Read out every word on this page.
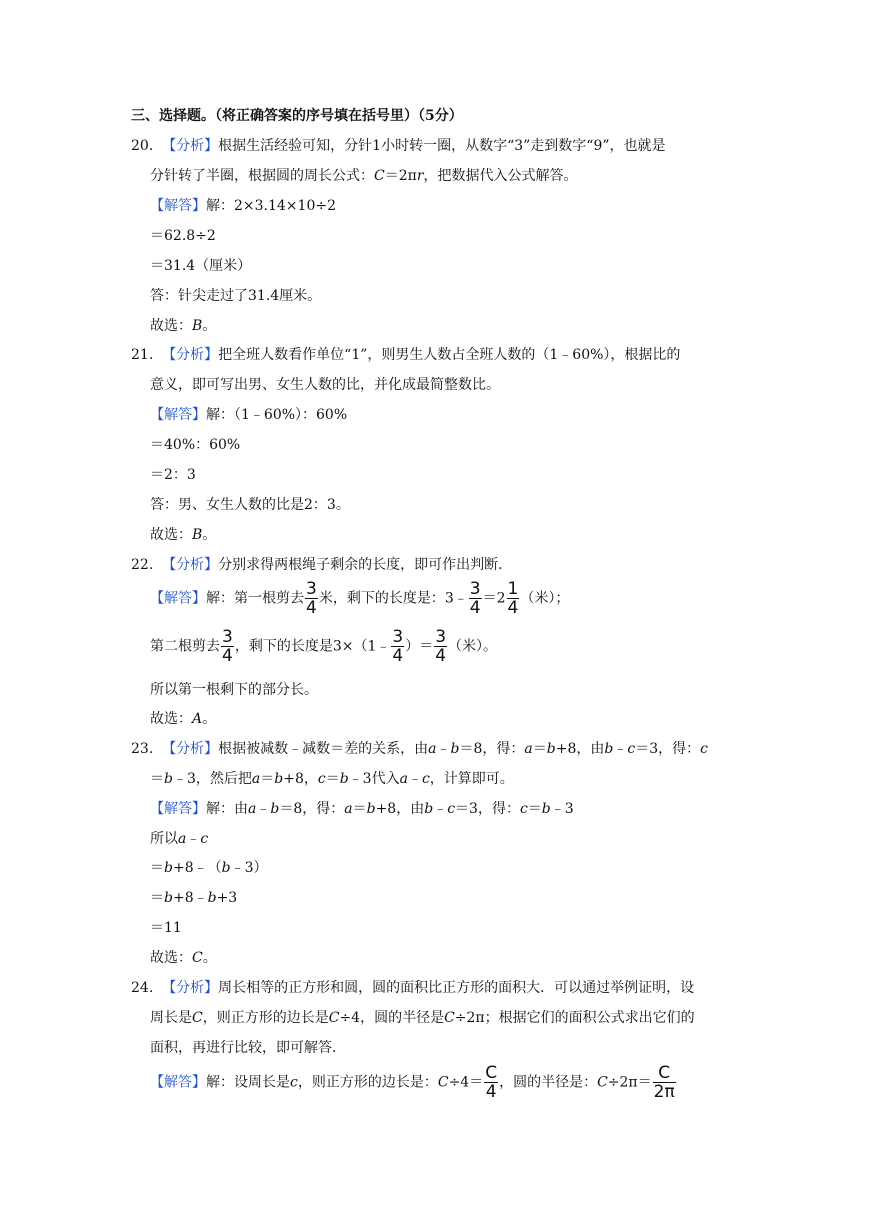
三、选择题。（将正确答案的序号填在括号里）（5分）
20. 【分析】根据生活经验可知，分针1小时转一圈，从数字“3”走到数字“9”，也就是
分针转了半圈，根据圆的周长公式：C＝2πr，把数据代入公式解答。
【解答】解：2×3.14×10÷2
＝62.8÷2
＝31.4（厘米）
答：针尖走过了31.4厘米。
故选：B。
21. 【分析】把全班人数看作单位“1”，则男生人数占全班人数的（1﹣60%），根据比的
意义，即可写出男、女生人数的比，并化成最简整数比。
【解答】解：（1﹣60%）：60%
＝40%：60%
＝2：3
答：男、女生人数的比是2：3。
故选：B。
22. 【分析】分别求得两根绳子剩余的长度，即可作出判断.
【解答】解：第一根剪去 $\frac{3}{4}$ 米，剩下的长度是：3﹣ $\frac{3}{4} =2 \frac{1}{4}$ （米）；
第二根剪去 $\frac{3}{4}$ ，剩下的长度是3×（1﹣ $\frac{3}{4}$ ）＝ $\frac{3}{4}$ （米）。
所以第一根剩下的部分长。
故选：A。
23. 【分析】根据被减数﹣减数＝差的关系，由a﹣b＝8，得：a＝b+8，由b﹣c＝3，得：c
＝b﹣3，然后把a＝b+8，c＝b﹣3代入a﹣c，计算即可。
【解答】解：由a﹣b＝8，得：a＝b+8，由b﹣c＝3，得：c＝b﹣3
所以a﹣c
＝b+8﹣（b﹣3）
＝b+8﹣b+3
＝11
故选：C。
24. 【分析】周长相等的正方形和圆，圆的面积比正方形的面积大．可以通过举例证明，设
周长是C，则正方形的边长是C÷4，圆的半径是C÷2π；根据它们的面积公式求出它们的
面积，再进行比较，即可解答．
【解答】解：设周长是c，则正方形的边长是：$C\div 4= \frac{C}{4}$ ，圆的半径是：$C\div 2\pi= \frac{C}{2\pi}$
